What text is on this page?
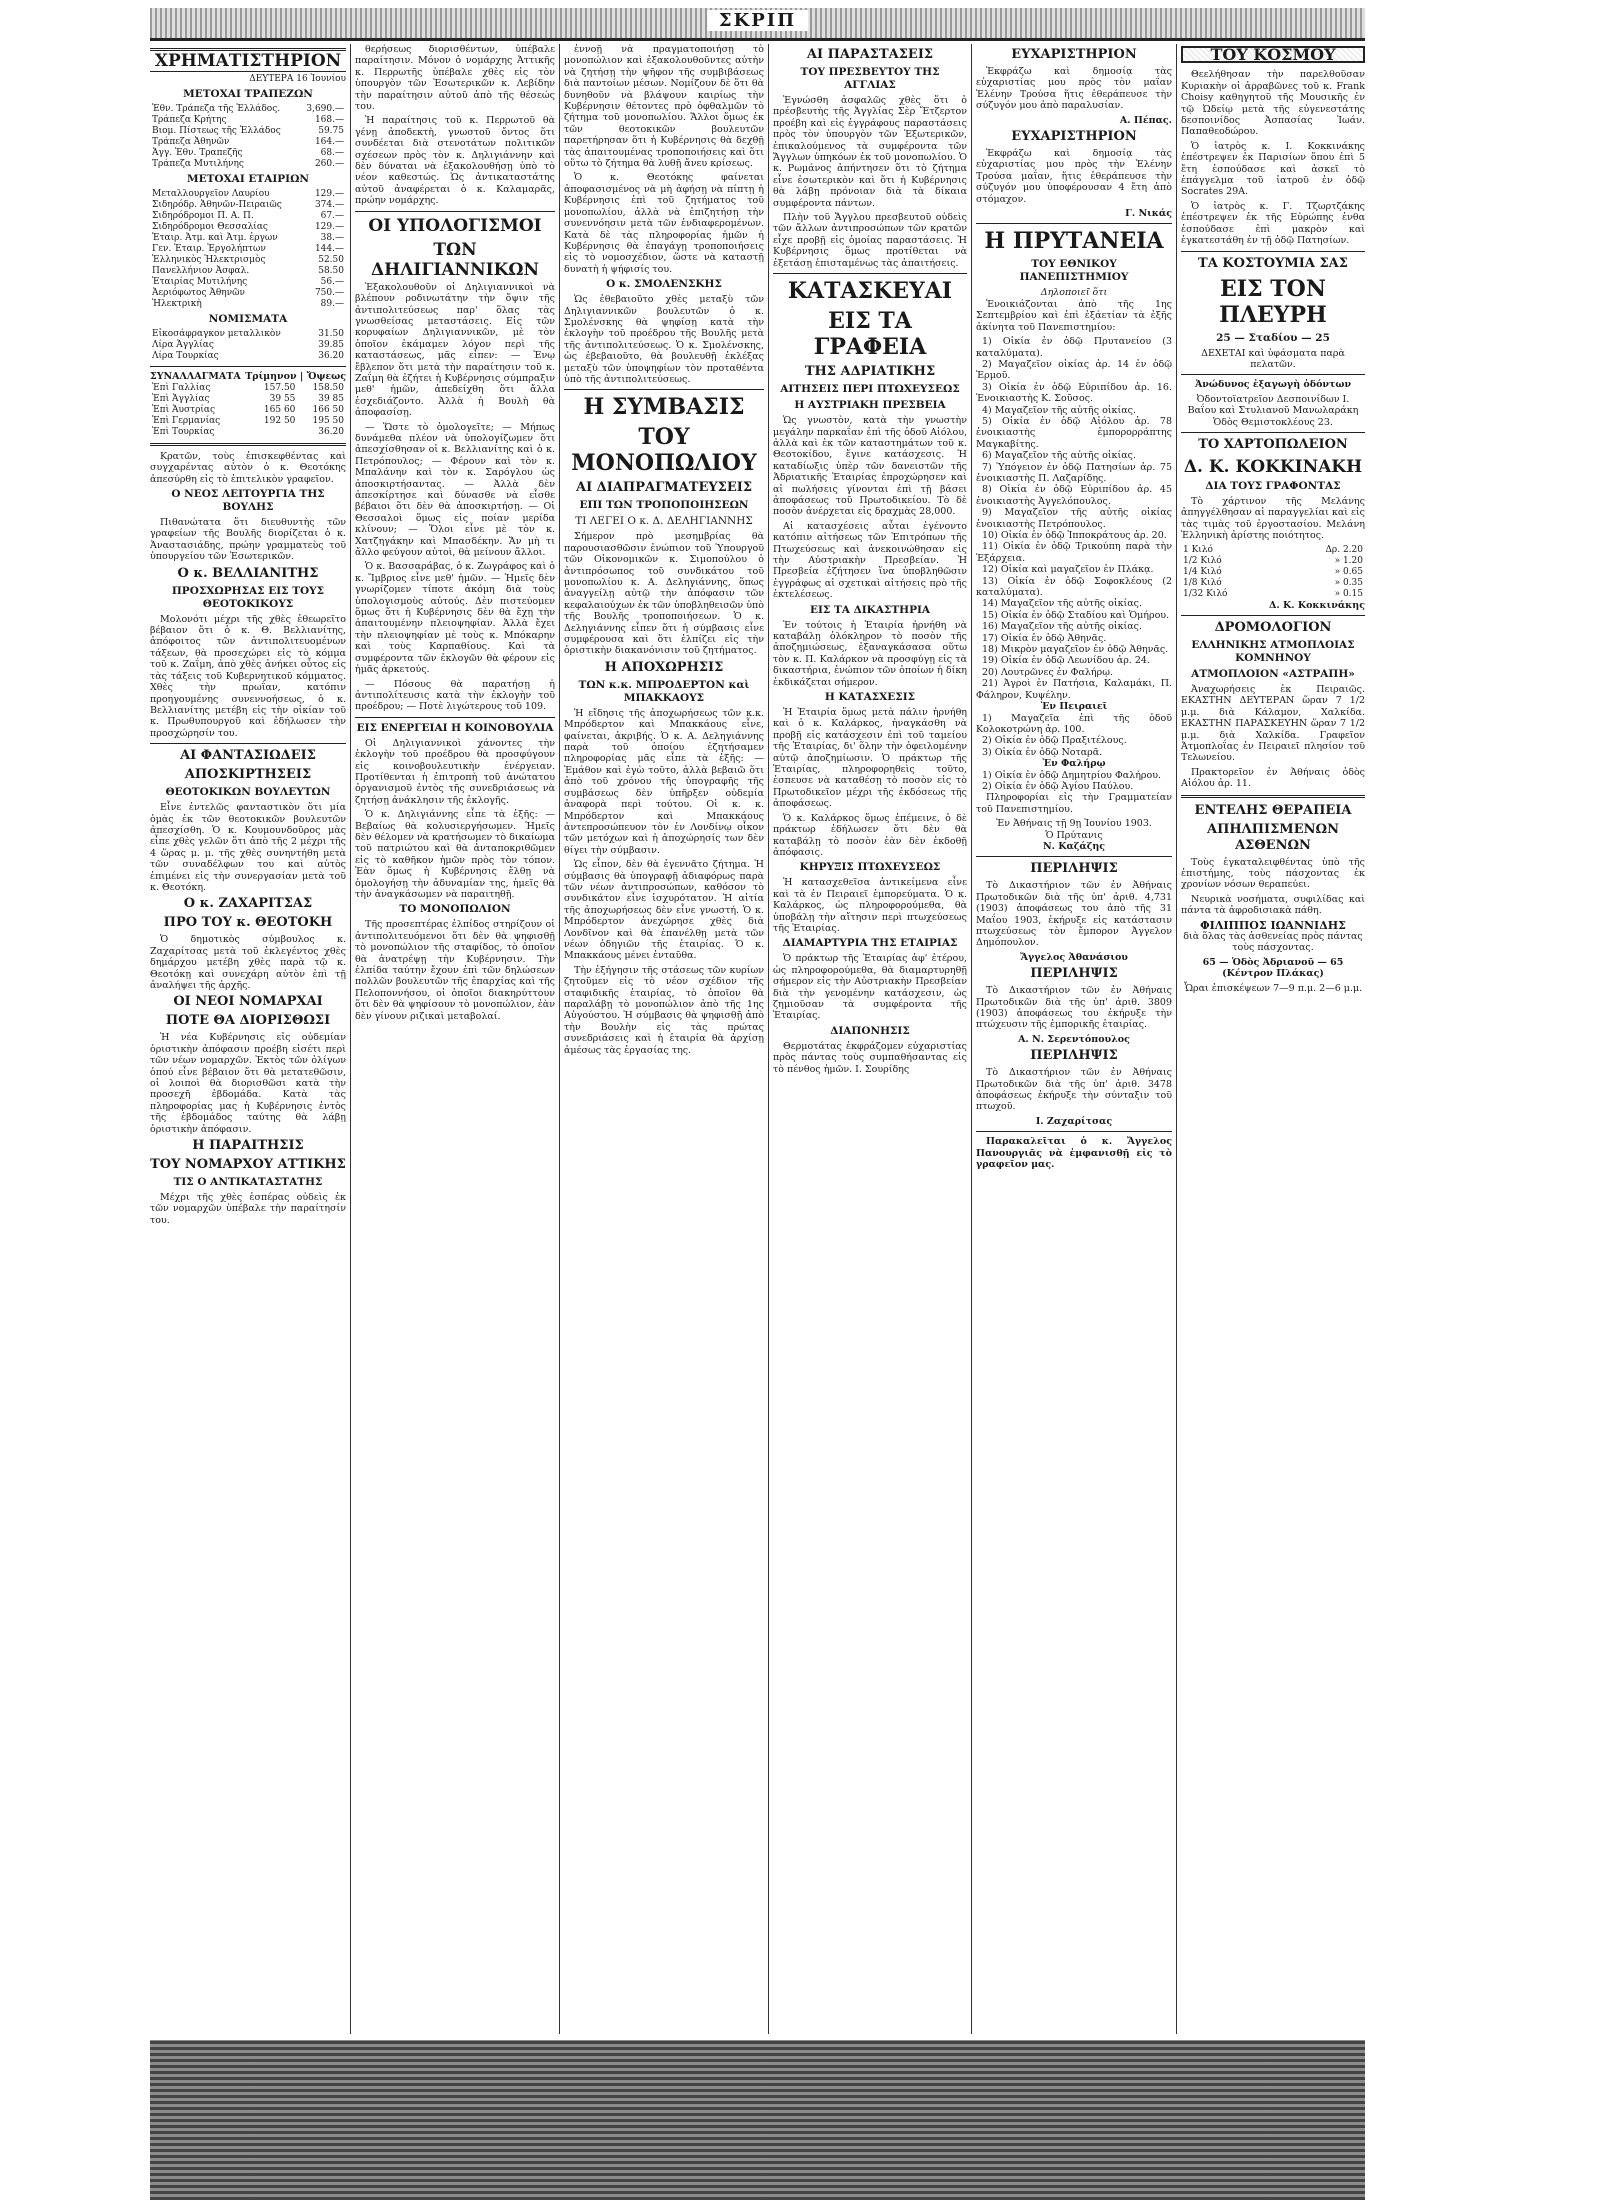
ΣΚΡΙΠ
ΧΡΗΜΑΤΙΣΤΗΡΙΟΝ
ΔΕΥΤΕΡΑ 16 Ἰουνίου
ΜΕΤΟΧΑΙ ΤΡΑΠΕΖΩΝ
Ἐθν. Τράπεζα τῆς Ἑλλάδος.	3,690.—
Τράπεζα Κρήτης	168.—
Βιομ. Πίστεως τῆς Ἑλλάδος	59.75
Τράπεζα Ἀθηνῶν	164.—
Ἀγγ. Ἐθν. Τραπεζῆς	68.—
Τράπεζα Μυτιλήνης	260.—
ΜΕΤΟΧΑΙ ΕΤΑΙΡΙΩΝ
Μεταλλουργεῖον Λαυρίου	129.—
Σιδηρόδρ. Ἀθηνῶν-Πειραιῶς	374.—
Σιδηρόδρομοι Π. Α. Π.	67.—
Σιδηρόδρομοι Θεσσαλίας	129.—
Ἑταιρ. Ἀτμ. καὶ Ἀτμ. ἐργων	38.—
Γεν. Ἑταιρ. Ἐργολήπτων	144.—
Ἑλληνικὸς Ἡλεκτρισμὸς	52.50
Πανελλήνιον Ἀσφαλ.	58.50
Ἑταιρίας Μυτιλήνης	56.—
Ἀεριόφωτος Ἀθηνῶν	750.—
Ἠλεκτρικὴ	89.—
ΝΟΜΙΣΜΑΤΑ
Εἰκοσάφραγκον μεταλλικὸν	31.50
Λίρα Ἀγγλίας	39.85
Λίρα Τουρκίας	36.20
ΣΥΝΑΛΛΑΓΜΑΤΑ Τρίμηνον | Ὄψεως
Ἐπὶ Γαλλίας	157.50	158.50
Ἐπὶ Ἀγγλίας	39 55	39 85
Ἐπὶ Ἀυστρίας	165 60	166 50
Ἐπὶ Γερμανίας	192 50	195 50
Ἐπὶ Τουρκίας		36.20

Κρατῶν, τοὺς ἐπισκεφθέντας καὶ συγχαρέντας αὐτὸν ὁ κ. Θεοτόκης ἀπεσύρθη εἰς τὸ ἐπιτελικὸν γραφεῖον.

Ο ΝΕΟΣ ΛΕΙΤΟΥΡΓΙΑ ΤΗΣ ΒΟΥΛΗΣ

Πιθανώτατα ὅτι διευθυντὴς τῶν γραφείων τῆς Βουλῆς διορίζεται ὁ κ. Ἀναστασιάδης, πρώην γραμματεὺς τοῦ ὑπουργείου τῶν Ἐσωτερικῶν.

Ο κ. ΒΕΛΛΙΑΝΙΤΗΣ
ΠΡΟΣΧΩΡΗΣΑΣ ΕΙΣ ΤΟΥΣ ΘΕΟΤΟΚΙΚΟΥΣ

Μολονότι μέχρι τῆς χθὲς ἐθεωρεῖτο βέβαιον ὅτι ὁ κ. Θ. Βελλιανίτης, ἀπόφοιτος τῶν ἀντιπολιτευομένων τάξεων, θὰ προσεχώρει εἰς τὸ κόμμα τοῦ κ. Ζαΐμη, ἀπὸ χθὲς ἀνήκει οὗτος εἰς τὰς τάξεις τοῦ Κυβερνητικοῦ κόμματος. Χθὲς τὴν πρωΐαν, κατόπιν προηγουμένης συνεννοήσεως, ὁ κ. Βελλιανίτης μετέβη εἰς τὴν οἰκίαν τοῦ κ. Πρωθυπουργοῦ καὶ ἐδήλωσεν τὴν προσχώρησίν του.

ΑΙ ΦΑΝΤΑΣΙΩΔΕΙΣ
ΑΠΟΣΚΙΡΤΗΣΕΙΣ
ΘΕΟΤΟΚΙΚΩΝ ΒΟΥΛΕΥΤΩΝ

Εἶνε ἐντελῶς φανταστικὸν ὅτι μία ὁμὰς ἐκ τῶν θεοτοκικῶν βουλευτῶν ἀπεσχίσθη. Ὁ κ. Κουμουνδοῦρος μὰς εἶπε χθὲς γελῶν ὅτι ἀπὸ τῆς 2 μέχρι τῆς 4 ὥρας μ. μ. τῆς χθὲς συνηντήθη μετὰ τῶν συναδέλφων του καὶ αὐτὸς ἐπιμένει εἰς τὴν συνεργασίαν μετὰ τοῦ κ. Θεοτόκη.

Ο κ. ΖΑΧΑΡΙΤΣΑΣ
ΠΡΟ ΤΟΥ κ. ΘΕΟΤΟΚΗ

Ὁ δημοτικὸς σύμβουλος κ. Ζαχαρίτσας μετὰ τοῦ ἐκλεγέντος χθὲς δημάρχου μετέβη χθὲς παρὰ τῷ κ. Θεοτόκῃ καὶ συνεχάρη αὐτὸν ἐπὶ τῇ ἀναλήψει τῆς ἀρχῆς.

ΟΙ ΝΕΟΙ ΝΟΜΑΡΧΑΙ
ΠΟΤΕ ΘΑ ΔΙΟΡΙΣΘΩΣΙ

Ἡ νέα Κυβέρνησις εἰς οὐδεμίαν ὁριστικὴν ἀπόφασιν προέβη εἰσέτι περὶ τῶν νέων νομαρχῶν. Ἐκτὸς τῶν ὀλίγων ὁπού εἶνε βέβαιον ὅτι θὰ μετατεθῶσιν, οἱ λοιποὶ θὰ διορισθῶσι κατὰ τὴν προσεχῆ ἑβδομάδα. Κατὰ τὰς πληροφορίας μας ἡ Κυβέρνησις ἐντὸς τῆς ἑβδομάδος ταύτης θὰ λάβῃ ὁριστικὴν ἀπόφασιν.

Η ΠΑΡΑΙΤΗΣΙΣ
ΤΟΥ ΝΟΜΑΡΧΟΥ ΑΤΤΙΚΗΣ
ΤΙΣ Ο ΑΝΤΙΚΑΤΑΣΤΑΤΗΣ

Μέχρι τῆς χθὲς ἑσπέρας οὐδεὶς ἐκ τῶν νομαρχῶν ὑπέβαλε τὴν παραίτησίν του.

θερήσεως διορισθέντων, ὑπέβαλε παραίτησιν. Μόνον ὁ νομάρχης Ἀττικῆς κ. Περρωτῆς ὑπέβαλε χθὲς εἰς τὸν ὑπουργὸν τῶν Ἐσωτερικῶν κ. Λεβίδην τὴν παραίτησιν αὐτοῦ ἀπὸ τῆς θέσεώς του.

Ἡ παραίτησις τοῦ κ. Περρωτοῦ θὰ γένῃ ἀποδεκτὴ, γνωστοῦ ὄντος ὅτι συνδέεται διὰ στενοτάτων πολιτικῶν σχέσεων πρὸς τὸν κ. Δηλιγιάννην καὶ δὲν δύναται νὰ ἐξακολουθήσῃ ὑπὸ τὸ νέον καθεστώς. Ὡς ἀντικαταστάτης αὐτοῦ ἀναφέρεται ὁ κ. Καλαμαρᾶς, πρώην νομάρχης.

ΟΙ ΥΠΟΛΟΓΙΣΜΟΙ
ΤΩΝ ΔΗΛΙΓΙΑΝΝΙΚΩΝ

Ἐξακολουθοῦν οἱ Δηλιγιαννικοὶ νὰ βλέπουν ροδινωτάτην τὴν ὄψιν τῆς ἀντιπολιτεύσεως παρ' ὅλας τὰς γνωσθείσας μεταστάσεις. Εἰς τῶν κορυφαίων Δηλιγιαννικῶν, μὲ τὸν ὁποῖον ἐκάμαμεν λόγον περὶ τῆς καταστάσεως, μᾶς εἶπεν: — Ἐνῳ ἔβλεπον ὅτι μετὰ τὴν παραίτησιν τοῦ κ. Ζαΐμη θὰ ἐζήτει ἡ Κυβέρνησις σύμπραξιν μεθ' ἡμῶν, ἀπεδείχθη ὅτι ἄλλα ἐσχεδιάζοντο. Ἀλλὰ ἡ Βουλὴ θὰ ἀποφασίσῃ.

— Ὥστε τὸ ὁμολογεῖτε; — Μήπως δυνάμεθα πλέον νὰ ὑπολογίζωμεν ὅτι ἀπεσχίσθησαν οἱ κ. Βελλιανίτης καὶ ὁ κ. Πετρόπουλος; — Φέρουν καὶ τὸν κ. Μπαλάνην καὶ τὸν κ. Σαρόγλου ὡς ἀποσκιρτήσαντας. — Ἀλλὰ δὲν ἀπεσκίρτησε καὶ δύνασθε νὰ εἶσθε βέβαιοι ὅτι δὲν θὰ ἀποσκιρτήσῃ. — Οἱ Θεσσαλοὶ ὅμως εἰς ποίαν μερίδα κλίνουν; — Ὅλοι εἶνε μὲ τὸν κ. Χατζηγάκην καὶ Μπασδέκην. Ἄν μὴ τι ἄλλο φεύγουν αὐτοὶ, θὰ μείνουν ἄλλοι.

Ὁ κ. Βασσαράβας, ὁ κ. Ζωγράφος καὶ ὁ κ. Ἴμβριος εἶνε μεθ' ἡμῶν. — Ἡμεῖς δὲν γνωρίζομεν τίποτε ἀκόμη διὰ τοὺς ὑπολογισμοὺς αὐτούς. Δὲν πιστεύομεν ὅμως ὅτι ἡ Κυβέρνησις δὲν θὰ ἔχῃ τὴν ἀπαιτουμένην πλειοψηφίαν. Ἀλλὰ ἔχει τὴν πλειοψηφίαν μὲ τοὺς κ. Μπόκαρην καὶ τοὺς Καρπαθίους. Καὶ τὰ συμφέροντα τῶν ἐκλογῶν θὰ φέρουν εἰς ἡμᾶς ἀρκετούς.

— Πόσους θὰ παρατήσῃ ἡ ἀντιπολίτευσις κατὰ τὴν ἐκλογὴν τοῦ προέδρου; — Ποτὲ λιγώτερους τοῦ 109.

ΕΙΣ ΕΝΕΡΓΕΙΑΙ Η ΚΟΙΝΟΒΟΥΛΙΑ

Οἱ Δηλιγιαννικοὶ χάνοντες τὴν ἐκλογὴν τοῦ προέδρου θὰ προσφύγουν εἰς κοινοβουλευτικὴν ἐνέργειαν. Προτίθενται ἡ ἐπιτροπὴ τοῦ ἀνώτατου ὀργανισμοῦ ἐντὸς τῆς συνεδριάσεως νὰ ζητήσῃ ἀνάκλησιν τῆς ἐκλογῆς.

Ὁ κ. Δηλιγιάννης εἶπε τὰ ἑξῆς: — Βεβαίως θὰ κολυσιεργήσωμεν. Ἡμεῖς δὲν θέλομεν νὰ κρατήσωμεν τὸ δικαίωμα τοῦ πατριώτου καὶ θὰ ἀνταποκριθῶμεν εἰς τὸ καθῆκον ἡμῶν πρὸς τὸν τόπον. Ἐὰν ὅμως ἡ Κυβέρνησις ἔλθῃ νὰ ὁμολογήσῃ τὴν ἀδυναμίαν της, ἡμεῖς θὰ τὴν ἀναγκάσωμεν νὰ παραιτηθῇ.

ΤΟ ΜΟΝΟΠΩΛΙΟΝ

Τῆς προσεπτέρας ἐλπίδος στηρίζουν οἱ ἀντιπολιτευόμενοι ὅτι δὲν θὰ ψηφισθῇ τὸ μονοπώλιον τῆς σταφίδος, τὸ ὁποῖον θὰ ἀνατρέψῃ τὴν Κυβέρνησιν. Τὴν ἐλπίδα ταύτην ἔχουν ἐπὶ τῶν δηλώσεων πολλῶν βουλευτῶν τῆς ἐπαρχίας καὶ τῆς Πελοποννήσου, οἱ ὁποῖοι διακηρύττουν ὅτι δὲν θὰ ψηφίσουν τὸ μονοπώλιον, ἐὰν δὲν γίνουν ριζικαὶ μεταβολαί.

ἐννοῇ νὰ πραγματοποιήσῃ τὸ μονοπώλιον καὶ ἐξακολουθοῦντες αὐτὴν νὰ ζητήσῃ τὴν ψῆφον τῆς συμβιβάσεως διὰ παντοίων μέσων. Νομίζουν δὲ ὅτι θὰ δυνηθοῦν νὰ βλάψουν καιρίως τὴν Κυβέρνησιν θέτοντες πρὸ ὀφθαλμῶν τὸ ζήτημα τοῦ μονοπωλίου. Ἄλλοι ὅμως ἐκ τῶν θεοτοκικῶν βουλευτῶν παρετήρησαν ὅτι ἡ Κυβέρνησις θὰ δεχθῇ τὰς ἀπαιτουμένας τροποποιήσεις καὶ ὅτι οὕτω τὸ ζήτημα θὰ λυθῇ ἄνευ κρίσεως.

Ὁ κ. Θεοτόκης φαίνεται ἀποφασισμένος νὰ μὴ ἀφήσῃ νὰ πίπτῃ ἡ Κυβέρνησις ἐπὶ τοῦ ζητήματος τοῦ μονοπωλίου, ἀλλὰ νὰ ἐπιζητήσῃ τὴν συνεννόησιν μετὰ τῶν ἐνδιαφερομένων. Κατὰ δὲ τὰς πληροφορίας ἡμῶν ἡ Κυβέρνησις θὰ ἐπαγάγῃ τροποποιήσεις εἰς τὸ νομοσχέδιον, ὥστε νὰ καταστῇ δυνατὴ ἡ ψήφισίς του.

Ο κ. ΣΜΟΛΕΝΣΚΗΣ

Ὡς ἐθεβαιοῦτο χθὲς μεταξὺ τῶν Δηλιγιαννικῶν βουλευτῶν ὁ κ. Σμολένσκης θὰ ψηφίσῃ κατὰ τὴν ἐκλογὴν τοῦ προέδρου τῆς Βουλῆς μετὰ τῆς ἀντιπολιτεύσεως. Ὁ κ. Σμολένσκης, ὡς ἐβεβαιοῦτο, θὰ βουλευθῇ ἐκλέξας μεταξὺ τῶν ὑποψηφίων τὸν προταθέντα ὑπὸ τῆς ἀντιπολιτεύσεως.

Η ΣΥΜΒΑΣΙΣ
ΤΟΥ ΜΟΝΟΠΩΛΙΟΥ
ΑΙ ΔΙΑΠΡΑΓΜΑΤΕΥΣΕΙΣ
ΕΠΙ ΤΩΝ ΤΡΟΠΟΠΟΙΗΣΕΩΝ
ΤΙ ΛΕΓΕΙ Ο κ. Δ. ΔΕΛΗΓΙΑΝΝΗΣ

Σήμερον πρὸ μεσημβρίας θὰ παρουσιασθῶσιν ἐνώπιον τοῦ Ὑπουργοῦ τῶν Οἰκονομικῶν κ. Σιμοπούλου ὁ ἀντιπρόσωπος τοῦ συνδικάτου τοῦ μονοπωλίου κ. Α. Δεληγιάννης, ὅπως ἀναγγείλῃ αὐτῷ τὴν ἀπόφασιν τῶν κεφαλαιούχων ἐκ τῶν ὑποβληθεισῶν ὑπὸ τῆς Βουλῆς τροποποιήσεων. Ὁ κ. Δεληγιάννης εἶπεν ὅτι ἡ σύμβασις εἶνε συμφέρουσα καὶ ὅτι ἐλπίζει εἰς τὴν ὁριστικὴν διακανόνισιν τοῦ ζητήματος.

Η ΑΠΟΧΩΡΗΣΙΣ
ΤΩΝ κ.κ. ΜΠΡΟΔΕΡΤΟΝ καὶ ΜΠΑΚΚΑΟΥΣ

Ἡ εἴδησις τῆς ἀποχωρήσεως τῶν κ.κ. Μπρόδερτον καὶ Μπακκάους εἶνε, φαίνεται, ἀκριβής. Ὁ κ. Α. Δεληγιάννης παρὰ τοῦ ὁποίου ἐζητήσαμεν πληροφορίας μᾶς εἶπε τὰ ἑξῆς: — Ἐμάθον καὶ ἐγὼ τοῦτο, ἀλλὰ βεβαιῶ ὅτι ἀπὸ τοῦ χρόνου τῆς ὑπογραφῆς τῆς συμβάσεως δὲν ὑπῆρξεν οὐδεμία ἀναφορὰ περὶ τούτου. Οἱ κ. κ. Μπρόδερτον καὶ Μπακκάους ἀντεπροσώπευον τὸν ἐν Λονδίνῳ οἶκον τῶν μετόχων καὶ ἡ ἀποχώρησίς των δὲν θίγει τὴν σύμβασιν.

Ὡς εἶπον, δὲν θὰ ἐγεννᾶτο ζήτημα. Ἡ σύμβασις θὰ ὑπογραφῇ ἀδιαφόρως παρὰ τῶν νέων ἀντιπροσώπων, καθόσον τὸ συνδικάτον εἶνε ἰσχυρότατον. Ἡ αἰτία τῆς ἀποχωρήσεως δὲν εἶνε γνωστή. Ὁ κ. Μπρόδερτον ἀνεχώρησε χθὲς διὰ Λονδῖνον καὶ θὰ ἐπανέλθῃ μετὰ τῶν νέων ὁδηγιῶν τῆς ἑταιρίας. Ὁ κ. Μπακκάους μένει ἐνταῦθα.

Τὴν ἐξήγησιν τῆς στάσεως τῶν κυρίων ζητοῦμεν εἰς τὸ νέον σχέδιον τῆς σταφιδικῆς ἑταιρίας, τὸ ὁποῖον θὰ παραλάβῃ τὸ μονοπώλιον ἀπὸ τῆς 1ης Αὐγούστου. Ἡ σύμβασις θὰ ψηφισθῇ ἀπὸ τὴν Βουλὴν εἰς τὰς πρώτας συνεδριάσεις καὶ ἡ ἑταιρία θὰ ἀρχίσῃ ἀμέσως τὰς ἐργασίας της.

ΑΙ ΠΑΡΑΣΤΑΣΕΙΣ
ΤΟΥ ΠΡΕΣΒΕΥΤΟΥ ΤΗΣ ΑΓΓΛΙΑΣ

Ἐγνώσθη ἀσφαλῶς χθὲς ὅτι ὁ πρέσβευτὴς τῆς Ἀγγλίας Σὲρ Ἔτζερτον προέβη καὶ εἰς ἐγγράφους παραστάσεις πρὸς τὸν ὑπουργὸν τῶν Ἐξωτερικῶν, ἐπικαλούμενος τὰ συμφέροντα τῶν Ἄγγλων ὑπηκόων ἐκ τοῦ μονοπωλίου. Ὁ κ. Ρωμάνος ἀπήντησεν ὅτι τὸ ζήτημα εἶνε ἐσωτερικὸν καὶ ὅτι ἡ Κυβέρνησις θὰ λάβῃ πρόνοιαν διὰ τὰ δίκαια συμφέροντα πάντων.

Πλὴν τοῦ Ἄγγλου πρεσβευτοῦ οὐδεὶς τῶν ἄλλων ἀντιπροσώπων τῶν κρατῶν εἶχε προβῇ εἰς ὁμοίας παραστάσεις. Ἡ Κυβέρνησις ὅμως προτίθεται νὰ ἐξετάσῃ ἐπισταμένως τὰς ἀπαιτήσεις.

ΚΑΤΑΣΚΕΥΑΙ
ΕΙΣ ΤΑ ΓΡΑΦΕΙΑ
ΤΗΣ ΑΔΡΙΑΤΙΚΗΣ
ΑΙΤΗΣΕΙΣ ΠΕΡΙ ΠΤΩΧΕΥΣΕΩΣ
Η ΑΥΣΤΡΙΑΚΗ ΠΡΕΣΒΕΙΑ

Ὡς γνωστὸν, κατὰ τὴν γνωστὴν μεγάλην παρκαΐαν ἐπὶ τῆς ὁδοῦ Αἰόλου, ἀλλὰ καὶ ἐκ τῶν καταστημάτων τοῦ κ. Θεοτοκίδου, ἔγινε κατάσχεσις. Ἡ καταδίωξις ὑπὲρ τῶν δανειστῶν τῆς Ἀδριατικῆς Ἑταιρίας ἐπροχώρησεν καὶ αἱ πωλήσεις γίνονται ἐπὶ τῇ βάσει ἀποφάσεως τοῦ Πρωτοδικείου. Τὸ δὲ ποσὸν ἀνέρχεται εἰς δραχμὰς 28,000.

Αἱ κατασχέσεις αὗται ἐγένοντο κατόπιν αἰτήσεως τῶν Ἐπιτρόπων τῆς Πτωχεύσεως καὶ ἀνεκοινώθησαν εἰς τὴν Αὐστριακὴν Πρεσβείαν. Ἡ Πρεσβεία ἐζήτησεν ἵνα ὑποβληθῶσιν ἐγγράφως αἱ σχετικαὶ αἰτήσεις πρὸ τῆς ἐκτελέσεως.

ΕΙΣ ΤΑ ΔΙΚΑΣΤΗΡΙΑ

Ἐν τούτοις ἡ Ἑταιρία ἠρνήθη νὰ καταβάλῃ ὁλόκληρον τὸ ποσὸν τῆς ἀποζημιώσεως, ἐξαναγκάσασα οὕτω τὸν κ. Π. Καλάρκον νὰ προσφύγῃ εἰς τὰ δικαστήρια, ἐνώπιον τῶν ὁποίων ἡ δίκη ἐκδικάζεται σήμερον.

Η ΚΑΤΑΣΧΕΣΙΣ

Ἡ Ἑταιρία ὅμως μετὰ πάλιν ἠρνήθη καὶ ὁ κ. Καλάρκος, ἠναγκάσθη νὰ προβῇ εἰς κατάσχεσιν ἐπὶ τοῦ ταμείου τῆς Ἑταιρίας, δι' ὅλην τὴν ὀφειλομένην αὐτῷ ἀποζημίωσιν. Ὁ πράκτωρ τῆς Ἑταιρίας, πληροφορηθεὶς τοῦτο, ἐσπευσε νὰ καταθέσῃ τὸ ποσὸν εἰς τὸ Πρωτοδικεῖον μέχρι τῆς ἐκδόσεως τῆς ἀποφάσεως.

Ὁ κ. Καλάρκος ὅμως ἐπέμεινε, ὁ δὲ πράκτωρ ἐδήλωσεν ὅτι δὲν θὰ καταβάλῃ τὸ ποσὸν ἐὰν δὲν ἐκδοθῇ ἀπόφασις.

ΚΗΡΥΞΙΣ ΠΤΩΧΕΥΣΕΩΣ

Ἡ κατασχεθεῖσα ἀντικείμενα εἶνε καὶ τὰ ἐν Πειραιεῖ ἐμπορεύματα. Ὁ κ. Καλάρκος, ὡς πληροφορούμεθα, θὰ ὑποβάλῃ τὴν αἴτησιν περὶ πτωχεύσεως τῆς Ἑταιρίας.

ΔΙΑΜΑΡΤΥΡΙΑ ΤΗΣ ΕΤΑΙΡΙΑΣ

Ὁ πράκτωρ τῆς Ἑταιρίας ἀφ' ἑτέρου, ὡς πληροφορούμεθα, θὰ διαμαρτυρηθῇ σήμερον εἰς τὴν Αὐστριακὴν Πρεσβείαν διὰ τὴν γενομένην κατάσχεσιν, ὡς ζημιοῦσαν τὰ συμφέροντα τῆς Ἑταιρίας.

ΔΙΑΠΟΝΗΣΙΣ

Θερμοτάτας ἐκφράζομεν εὐχαριστίας πρὸς πάντας τοὺς συμπαθήσαντας εἰς τὸ πένθος ἡμῶν. Ι. Σουρίδης

ΕΥΧΑΡΙΣΤΗΡΙΟΝ

Ἐκφράζω καὶ δημοσίᾳ τὰς εὐχαριστίας μου πρὸς τὸν μαΐαν Ἑλένην Τρούσα ἥτις ἐθεράπευσε τὴν σύζυγόν μου ἀπὸ παραλυσίαν.

Α. Πέπας.
ΕΥΧΑΡΙΣΤΗΡΙΟΝ

Ἐκφράζω καὶ δημοσίᾳ τὰς εὐχαριστίας μου πρὸς τὴν Ἑλένην Τρούσα μαΐαν, ἥτις ἐθεράπευσε τὴν σύζυγόν μου ὑποφέρουσαν 4 ἔτη ἀπὸ στόμαχον.

Γ. Νικάς
Η ΠΡΥΤΑΝΕΙΑ
ΤΟΥ ΕΘΝΙΚΟΥ ΠΑΝΕΠΙΣΤΗΜΙΟΥ
Δηλοποιεῖ ὅτι

Ἐνοικιάζονται ἀπὸ τῆς 1ης Σεπτεμβρίου καὶ ἐπὶ ἑξάετίαν τὰ ἐξῆς ἀκίνητα τοῦ Πανεπιστημίου:

1) Οἰκία ἐν ὁδῷ Πρυτανείου (3 καταλύματα).
2) Μαγαζεῖον οἰκίας ἀρ. 14 ἐν ὁδῷ Ἐρμοῦ.
3) Οἰκία ἐν ὁδῷ Εὐριπίδου ἀρ. 16. Ἐνοικιαστὴς Κ. Σοῦσος.
4) Μαγαζεῖον τῆς αὐτῆς οἰκίας.
5) Οἰκία ἐν ὁδῷ Αἰόλου ἀρ. 78 ἐνοικιαστὴς ἐμπορορράπτης Μαγκαβίτης.
6) Μαγαζεῖον τῆς αὐτῆς οἰκίας.
7) Ὑπόγειον ἐν ὁδῷ Πατησίων ἀρ. 75 ἐνοικιαστὴς Π. Λαζαρίδης.
8) Οἰκία ἐν ὁδῷ Εὐριπίδου ἀρ. 45 ἐνοικιαστὴς Ἀγγελόπουλος.
9) Μαγαζεῖον τῆς αὐτῆς οἰκίας ἐνοικιαστὴς Πετρόπουλος.
10) Οἰκία ἐν ὁδῷ Ἱπποκράτους ἀρ. 20.
11) Οἰκία ἐν ὁδῷ Τρικούπη παρὰ τὴν Ἐξάρχεια.
12) Οἰκία καὶ μαγαζεῖον ἐν Πλάκᾳ.
13) Οἰκία ἐν ὁδῷ Σοφοκλέους (2 καταλύματα).
14) Μαγαζεῖον τῆς αὐτῆς οἰκίας.
15) Οἰκία ἐν ὁδῷ Σταδίου καὶ Ὁμήρου.
16) Μαγαζεῖον τῆς αὐτῆς οἰκίας.
17) Οἰκία ἐν ὁδῷ Ἀθηνᾶς.
18) Μικρὸν μαγαζεῖον ἐν ὁδῷ Ἀθηνᾶς.
19) Οἰκία ἐν ὁδῷ Λεωνίδου ἀρ. 24.
20) Λουτρῶνες ἐν Φαλήρῳ.
21) Ἀγροὶ ἐν Πατήσια, Καλαμάκι, Π. Φάληρον, Κυψέλην.
Ἐν Πειραιεῖ
1) Μαγαζεῖα ἐπὶ τῆς ὁδοῦ Κολοκοτρώνη ἀρ. 100.
2) Οἰκία ἐν ὁδῷ Πραξιτέλους.
3) Οἰκία ἐν ὁδῷ Νοταρᾶ.
Ἐν Φαλήρῳ
1) Οἰκία ἐν ὁδῷ Δημητρίου Φαλήρου.
2) Οἰκία ἐν ὁδῷ Ἀγίου Παύλου.

Πληροφορίαι εἰς τὴν Γραμματείαν τοῦ Πανεπιστημίου.

Ἐν Ἀθήναις τῇ 9ῃ Ἰουνίου 1903.
Ὁ Πρύτανις
Ν. Καζάζης
ΠΕΡΙΛΗΨΙΣ

Τὸ Δικαστήριον τῶν ἐν Ἀθήναις Πρωτοδικῶν διὰ τῆς ὑπ' ἀριθ. 4,731 (1903) ἀποφάσεως του ἀπὸ τῆς 31 Μαΐου 1903, ἐκήρυξε εἰς κατάστασιν πτωχεύσεως τὸν ἔμπορον Ἀγγελον Δημόπουλον.

Ἄγγελος Ἀθανάσιου
ΠΕΡΙΛΗΨΙΣ

Τὸ Δικαστήριον τῶν ἐν Ἀθήναις Πρωτοδικῶν διὰ τῆς ὑπ' ἀριθ. 3809 (1903) ἀποφάσεως του ἐκήρυξε τὴν πτώχευσιν τῆς ἐμπορικῆς ἑταιρίας.

Α. Ν. Σερεντόπουλος
ΠΕΡΙΛΗΨΙΣ

Τὸ Δικαστήριον τῶν ἐν Ἀθήναις Πρωτοδικῶν διὰ τῆς ὑπ' ἀριθ. 3478 ἀποφάσεως ἐκήρυξε τὴν σύνταξιν τοῦ πτωχοῦ.

Ι. Ζαχαρίτσας

Παρακαλεῖται ὁ κ. Ἄγγελος Πανουργιᾶς νὰ ἐμφανισθῇ εἰς τὸ γραφεῖον μας.

ΤΟΥ ΚΟΣΜΟΥ

Θεελήθησαν τὴν παρελθοῦσαν Κυριακὴν οἱ ἀρραβῶνες τοῦ κ. Frank Choisy καθηγητοῦ τῆς Μουσικῆς ἐν τῷ Ὠδείῳ μετὰ τῆς εὐγενεστάτης δεσποινίδος Ἀσπασίας Ἰωάν. Παπαθεοδώρου.

Ὁ ἰατρὸς κ. Ι. Κοκκινάκης ἐπέστρεψεν ἐκ Παρισίων ὅπου ἐπὶ 5 ἔτη ἐσπούδασε καὶ ἀσκεῖ τὸ ἐπάγγελμα τοῦ ἰατροῦ ἐν ὁδῷ Socrates 29Α.

Ὁ ἰατρὸς κ. Γ. Τζωρτζάκης ἐπέστρεψεν ἐκ τῆς Εὐρώπης ἐνθα ἐσπούδασε ἐπὶ μακρὸν καὶ ἐγκατεστάθη ἐν τῇ ὁδῷ Πατησίων.

ΤΑ ΚΟΣΤΟΥΜΙΑ ΣΑΣ
ΕΙΣ ΤΟΝ ΠΛΕΥΡΗ
25 — Σταδίου — 25

ΔΕΧΕΤΑΙ καὶ ὑφάσματα παρὰ πελατῶν.

Ἀνώδυνος ἐξαγωγὴ ὀδόντων

Ὀδοντοϊατρεῖον Δεσποινίδων Ι. Βαΐου καὶ Στυλιανοῦ Μανωλαράκη Ὁδὸς Θεμιστοκλέους 23.

ΤΟ ΧΑΡΤΟΠΩΛΕΙΟΝ
Δ. Κ. ΚΟΚΚΙΝΑΚΗ
ΔΙΑ ΤΟΥΣ ΓΡΑΦΟΝΤΑΣ

Τὸ χάρτινον τῆς Μελάνης ἀπηγγέλθησαν αἱ παραγγελίαι καὶ εἰς τὰς τιμὰς τοῦ ἐργοστασίου. Μελάνη Ἑλληνικὴ ἀρίστης ποιότητος.

1 Κιλό	Δρ. 2.20
1/2 Κιλό	» 1.20
1/4 Κιλό	» 0.65
1/8 Κιλό	» 0.35
1/32 Κιλό	» 0.15
Δ. Κ. Κοκκινάκης
ΔΡΟΜΟΛΟΓΙΟΝ
ΕΛΛΗΝΙΚΗΣ ΑΤΜΟΠΛΟΙΑΣ ΚΟΜΝΗΝΟΥ
ΑΤΜΟΠΛΟΙΟΝ «ΑΣΤΡΑΠΗ»

Ἀναχωρήσεις ἐκ Πειραιῶς. ΕΚΑΣΤΗΝ ΔΕΥΤΕΡΑΝ ὥραν 7 1/2 μ.μ. διὰ Κάλαμον, Χαλκίδα. ΕΚΑΣΤΗΝ ΠΑΡΑΣΚΕΥΗΝ ὥραν 7 1/2 μ.μ. διὰ Χαλκίδα. Γραφεῖον Ἀτμοπλοΐας ἐν Πειραιεῖ πλησίον τοῦ Τελωνείου.

Πρακτορεῖον ἐν Ἀθήναις ὁδὸς Αἰόλου ἀρ. 11.

ΕΝΤΕΛΗΣ ΘΕΡΑΠΕΙΑ
ΑΠΗΛΠΙΣΜΕΝΩΝ ΑΣΘΕΝΩΝ

Τοὺς ἐγκαταλειφθέντας ὑπὸ τῆς ἐπιστήμης, τοὺς πάσχοντας ἐκ χρονίων νόσων θεραπεύει.

Νευρικὰ νοσήματα, συφιλίδας καὶ πάντα τὰ ἀφροδισιακὰ πάθη.

ΦΙΛΙΠΠΟΣ ΙΩΑΝΝΙΔΗΣ

διὰ ὅλας τὰς ἀσθενείας πρὸς πάντας τοὺς πάσχοντας.

65 — Ὁδὸς Ἀδριανοῦ — 65 (Κέντρον Πλάκας)

Ὧραι ἐπισκέψεων 7—9 π.μ. 2—6 μ.μ.
